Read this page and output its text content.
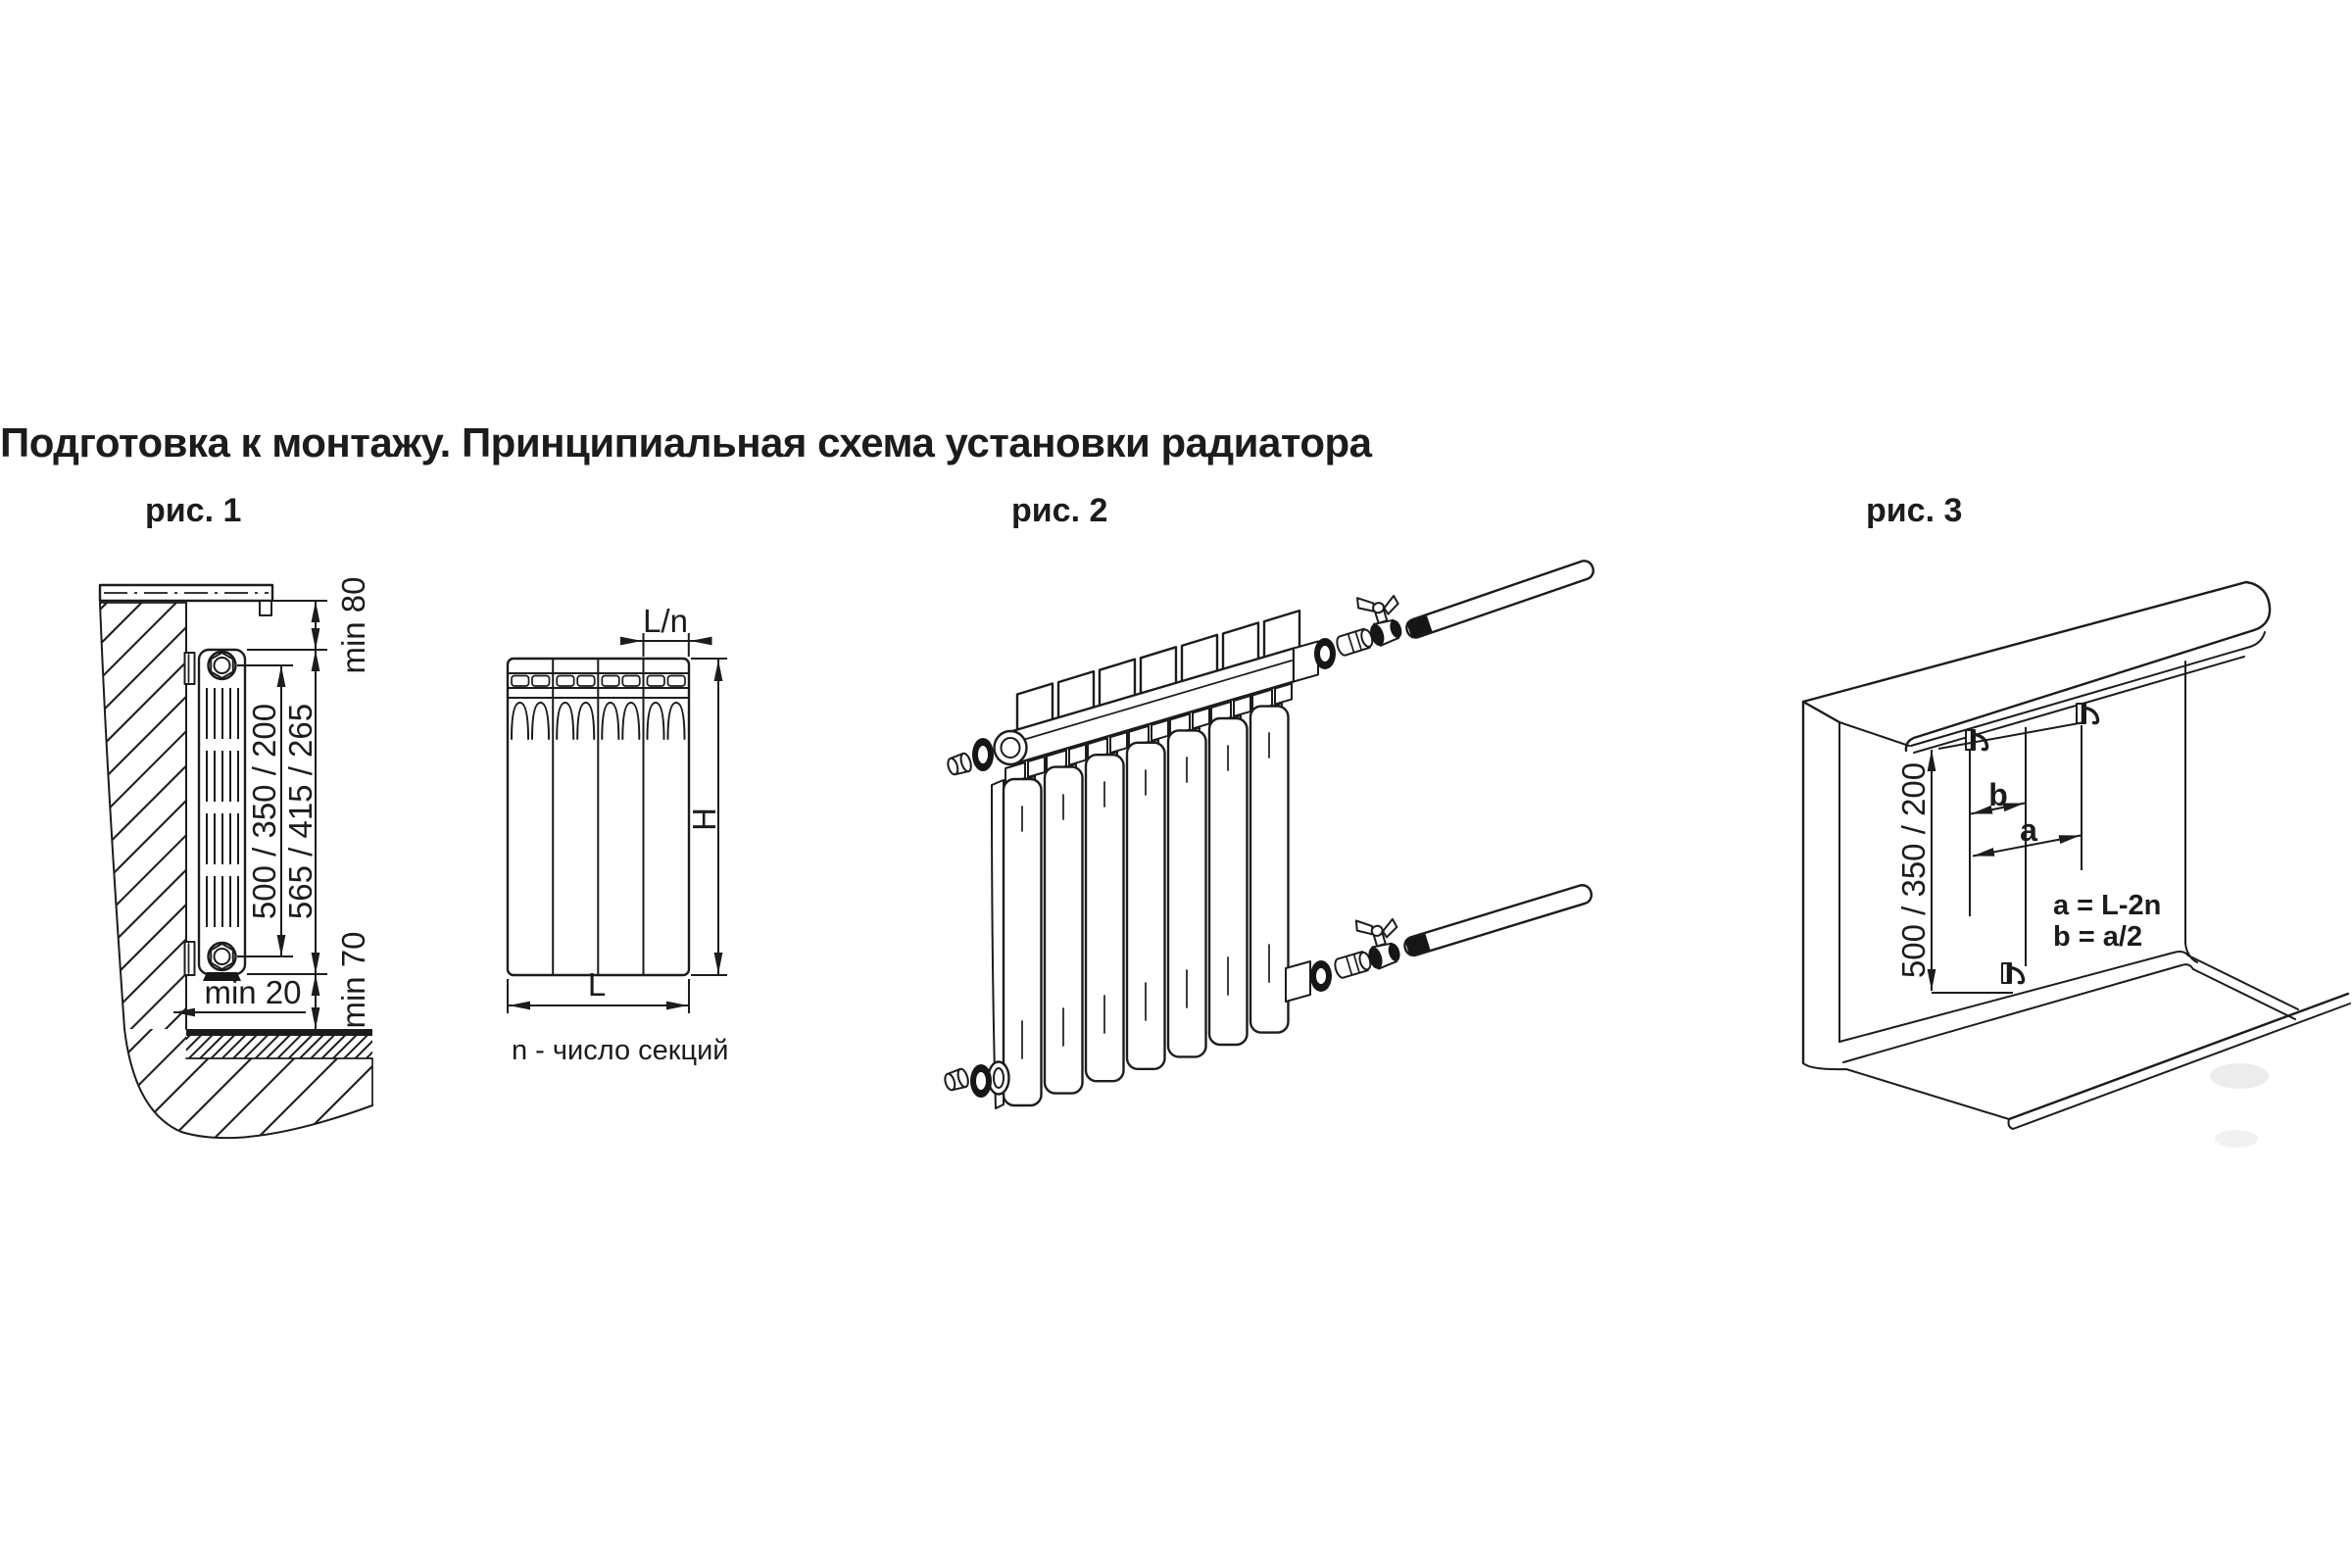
Подготовка к монтажу. Принципиальная схема установки радиатора
рис. 1	рис. 2	рис. 3
min 80
500 / 350 / 200 565 / 415 / 265
min 70
min 20
L/n
H
L
n - число секций
500 / 350 / 200 b
a
a = L-2n
b = a/2
